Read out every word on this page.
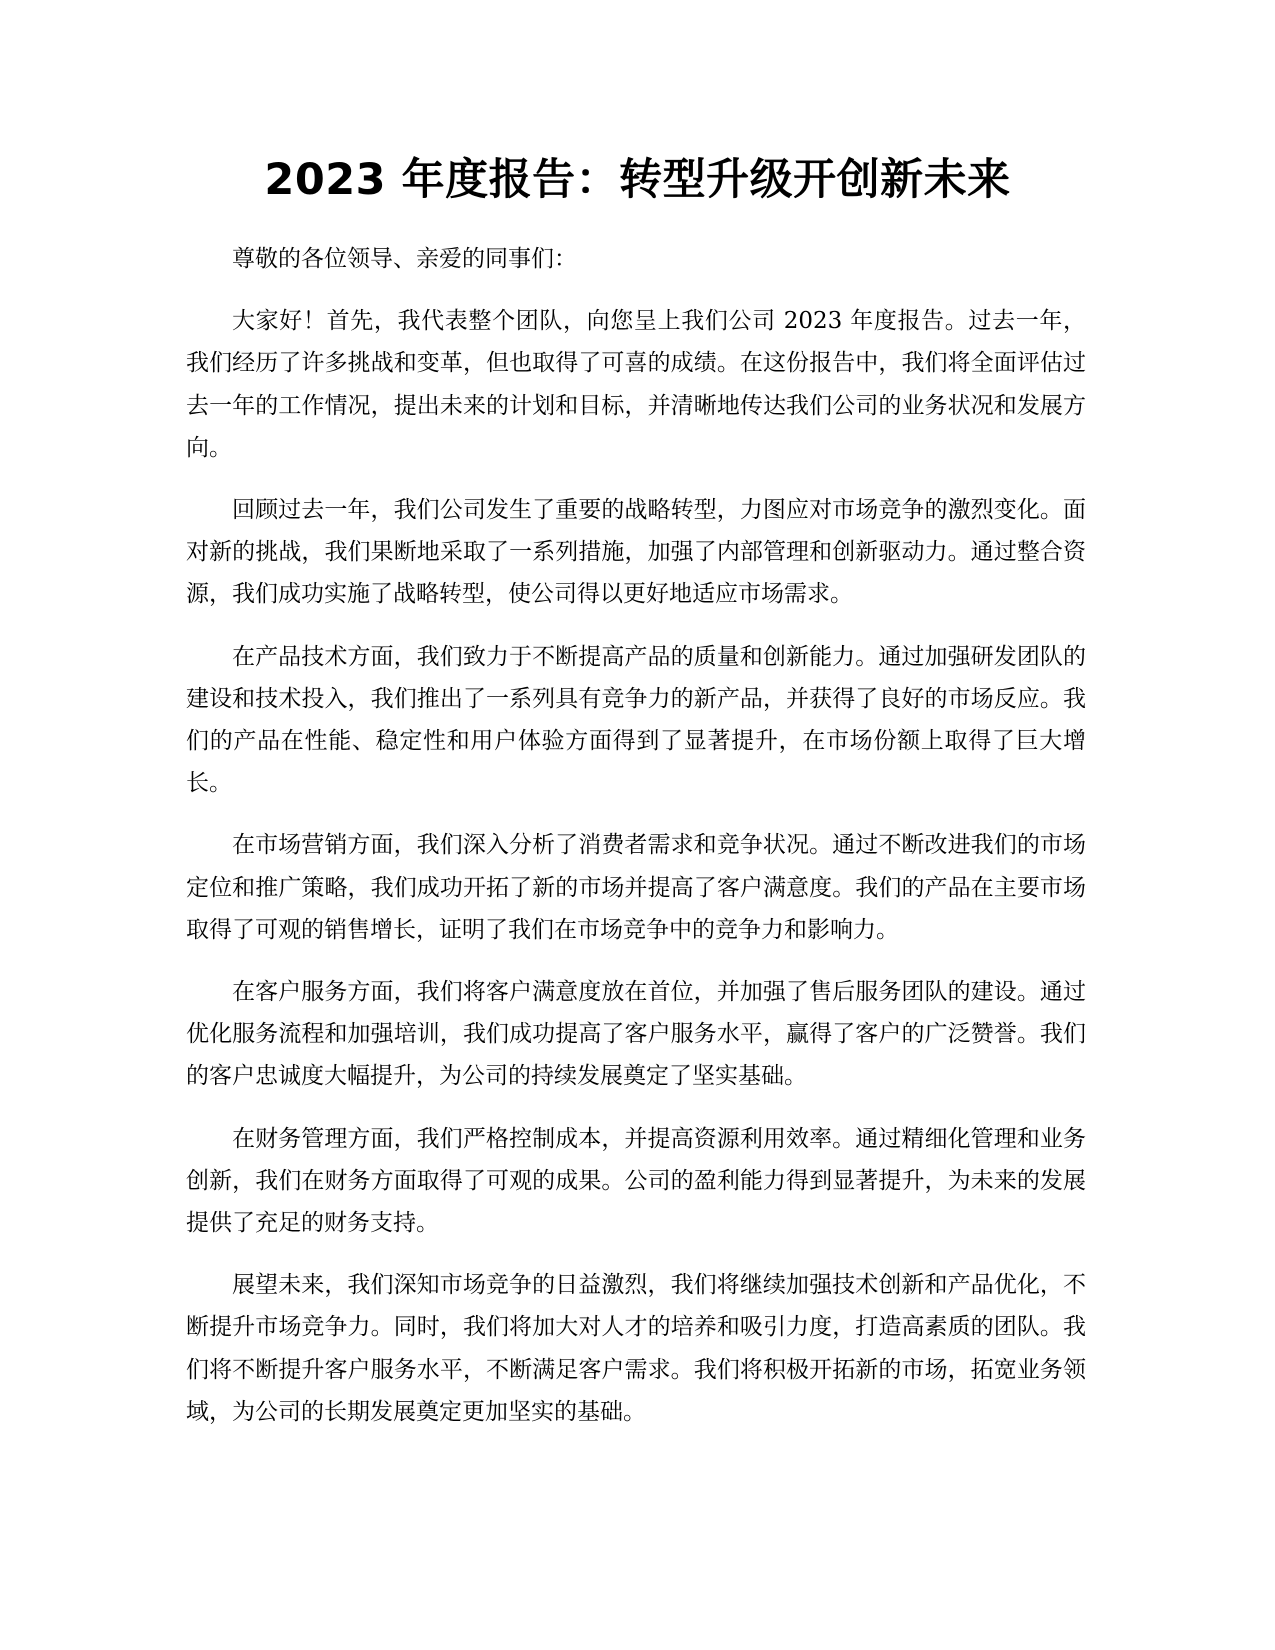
2023 年度报告：转型升级开创新未来

尊敬的各位领导、亲爱的同事们：

大家好！首先，我代表整个团队，向您呈上我们公司 2023 年度报告。过去一年，我们经历了许多挑战和变革，但也取得了可喜的成绩。在这份报告中，我们将全面评估过去一年的工作情况，提出未来的计划和目标，并清晰地传达我们公司的业务状况和发展方向。

回顾过去一年，我们公司发生了重要的战略转型，力图应对市场竞争的激烈变化。面对新的挑战，我们果断地采取了一系列措施，加强了内部管理和创新驱动力。通过整合资源，我们成功实施了战略转型，使公司得以更好地适应市场需求。

在产品技术方面，我们致力于不断提高产品的质量和创新能力。通过加强研发团队的建设和技术投入，我们推出了一系列具有竞争力的新产品，并获得了良好的市场反应。我们的产品在性能、稳定性和用户体验方面得到了显著提升，在市场份额上取得了巨大增长。

在市场营销方面，我们深入分析了消费者需求和竞争状况。通过不断改进我们的市场定位和推广策略，我们成功开拓了新的市场并提高了客户满意度。我们的产品在主要市场取得了可观的销售增长，证明了我们在市场竞争中的竞争力和影响力。

在客户服务方面，我们将客户满意度放在首位，并加强了售后服务团队的建设。通过优化服务流程和加强培训，我们成功提高了客户服务水平，赢得了客户的广泛赞誉。我们的客户忠诚度大幅提升，为公司的持续发展奠定了坚实基础。

在财务管理方面，我们严格控制成本，并提高资源利用效率。通过精细化管理和业务创新，我们在财务方面取得了可观的成果。公司的盈利能力得到显著提升，为未来的发展提供了充足的财务支持。

展望未来，我们深知市场竞争的日益激烈，我们将继续加强技术创新和产品优化，不断提升市场竞争力。同时，我们将加大对人才的培养和吸引力度，打造高素质的团队。我们将不断提升客户服务水平，不断满足客户需求。我们将积极开拓新的市场，拓宽业务领域，为公司的长期发展奠定更加坚实的基础。
